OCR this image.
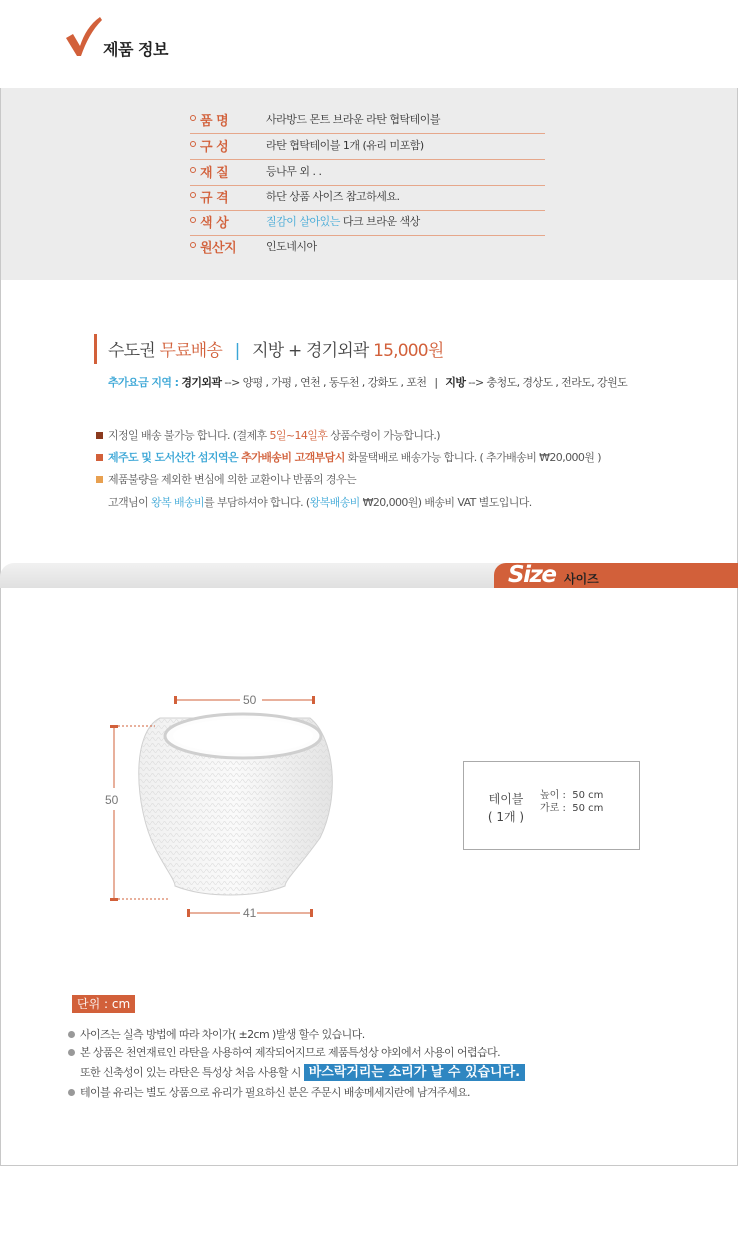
제품 정보
품 명	사라방드 몬트 브라운 라탄 협탁테이블
구 성	라탄 협탁테이블 1개 (유리 미포함)
재 질	등나무 외 . .
규 격	하단 상품 사이즈 참고하세요.
색 상	질감이 살아있는 다크 브라운 색상
원산지	인도네시아
수도권 무료배송 | 지방 + 경기외곽 15,000원
추가요금 지역 : 경기외곽 --> 양평 , 가평 , 연천 , 동두천 , 강화도 , 포천 | 지방 --> 충청도, 경상도 , 전라도, 강원도
지정일 배송 불가능 합니다. (결제후 5일~14일후 상품수령이 가능합니다.)
제주도 및 도서산간 섬지역은 추가배송비 고객부담시 화물택배로 배송가능 합니다. ( 추가배송비 ₩20,000원 )
제품불량을 제외한 변심에 의한 교환이나 반품의 경우는
고객님이 왕복 배송비를 부담하셔야 합니다. (왕복배송비 ₩20,000원) 배송비 VAT 별도입니다.
Size 사이즈
50
50
41
테이블
( 1개 )
높이 : 50 cm
가로 : 50 cm
단위 : cm
사이즈는 실측 방법에 따라 차이가( ±2cm )발생 할수 있습니다.
본 상품은 천연재료인 라탄을 사용하여 제작되어지므로 제품특성상 야외에서 사용이 어렵습다.
또한 신축성이 있는 라탄은 특성상 처음 사용할 시 바스락거리는 소리가 날 수 있습니다.
테이블 유리는 별도 상품으로 유리가 필요하신 분은 주문시 배송메세지란에 남겨주세요.
